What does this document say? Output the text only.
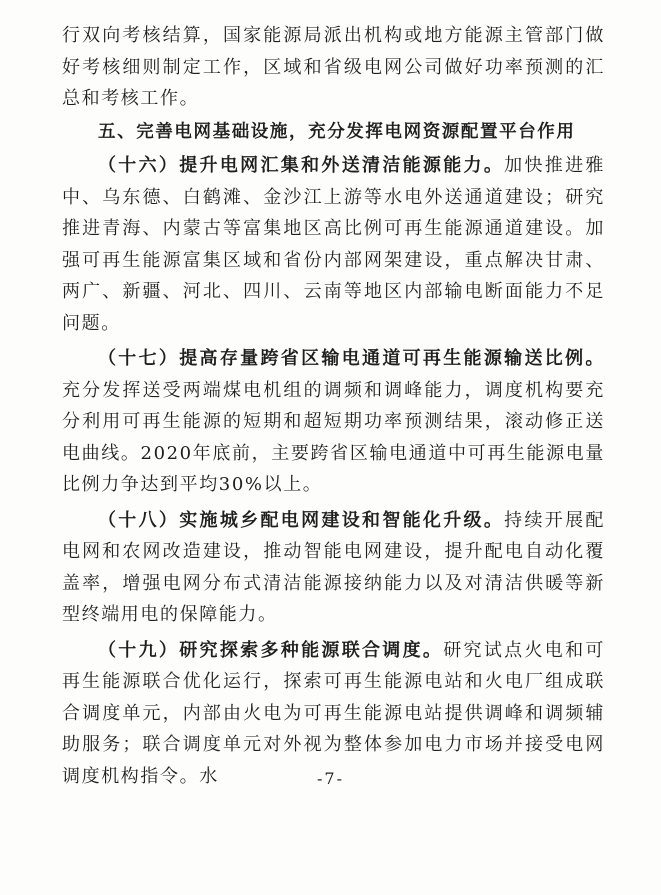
行双向考核结算，国家能源局派出机构或地方能源主管部门做好考核细则制定工作，区域和省级电网公司做好功率预测的汇总和考核工作。

五、完善电网基础设施，充分发挥电网资源配置平台作用

（十六）提升电网汇集和外送清洁能源能力。加快推进雅中、乌东德、白鹤滩、金沙江上游等水电外送通道建设；研究推进青海、内蒙古等富集地区高比例可再生能源通道建设。加强可再生能源富集区域和省份内部网架建设，重点解决甘肃、两广、新疆、河北、四川、云南等地区内部输电断面能力不足问题。

（十七）提高存量跨省区输电通道可再生能源输送比例。充分发挥送受两端煤电机组的调频和调峰能力，调度机构要充分利用可再生能源的短期和超短期功率预测结果，滚动修正送电曲线。2020年底前，主要跨省区输电通道中可再生能源电量比例力争达到平均30%以上。

（十八）实施城乡配电网建设和智能化升级。持续开展配电网和农网改造建设，推动智能电网建设，提升配电自动化覆盖率，增强电网分布式清洁能源接纳能力以及对清洁供暖等新型终端用电的保障能力。

（十九）研究探索多种能源联合调度。研究试点火电和可再生能源联合优化运行，探索可再生能源电站和火电厂组成联合调度单元，内部由火电为可再生能源电站提供调峰和调频辅助服务；联合调度单元对外视为整体参加电力市场并接受电网调度机构指令。水	-7-
